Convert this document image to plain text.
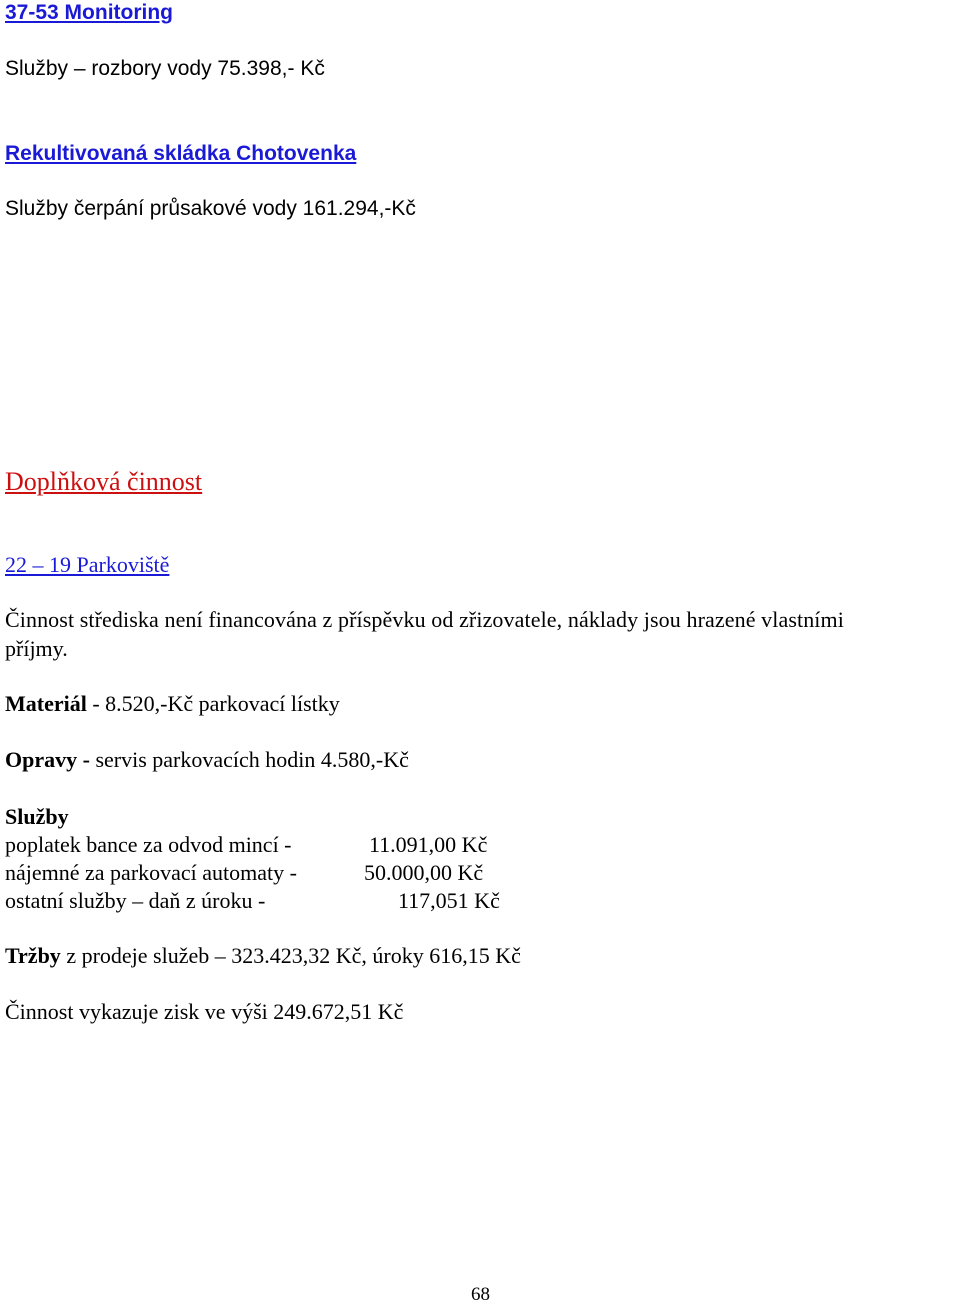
37-53 Monitoring
Služby – rozbory vody 75.398,- Kč
Rekultivovaná skládka Chotovenka
Služby čerpání průsakové vody 161.294,-Kč
Doplňková činnost
22 – 19 Parkoviště
Činnost střediska není financována z příspěvku od zřizovatele, náklady jsou hrazené vlastními
příjmy.
Materiál - 8.520,-Kč parkovací lístky
Opravy - servis parkovacích hodin 4.580,-Kč
Služby
poplatek bance za odvod mincí -	11.091,00 Kč
nájemné za parkovací automaty -	50.000,00 Kč
ostatní služby – daň z úroku -	117,051 Kč
Tržby z prodeje služeb – 323.423,32 Kč, úroky 616,15 Kč
Činnost vykazuje zisk ve výši 249.672,51 Kč
68
